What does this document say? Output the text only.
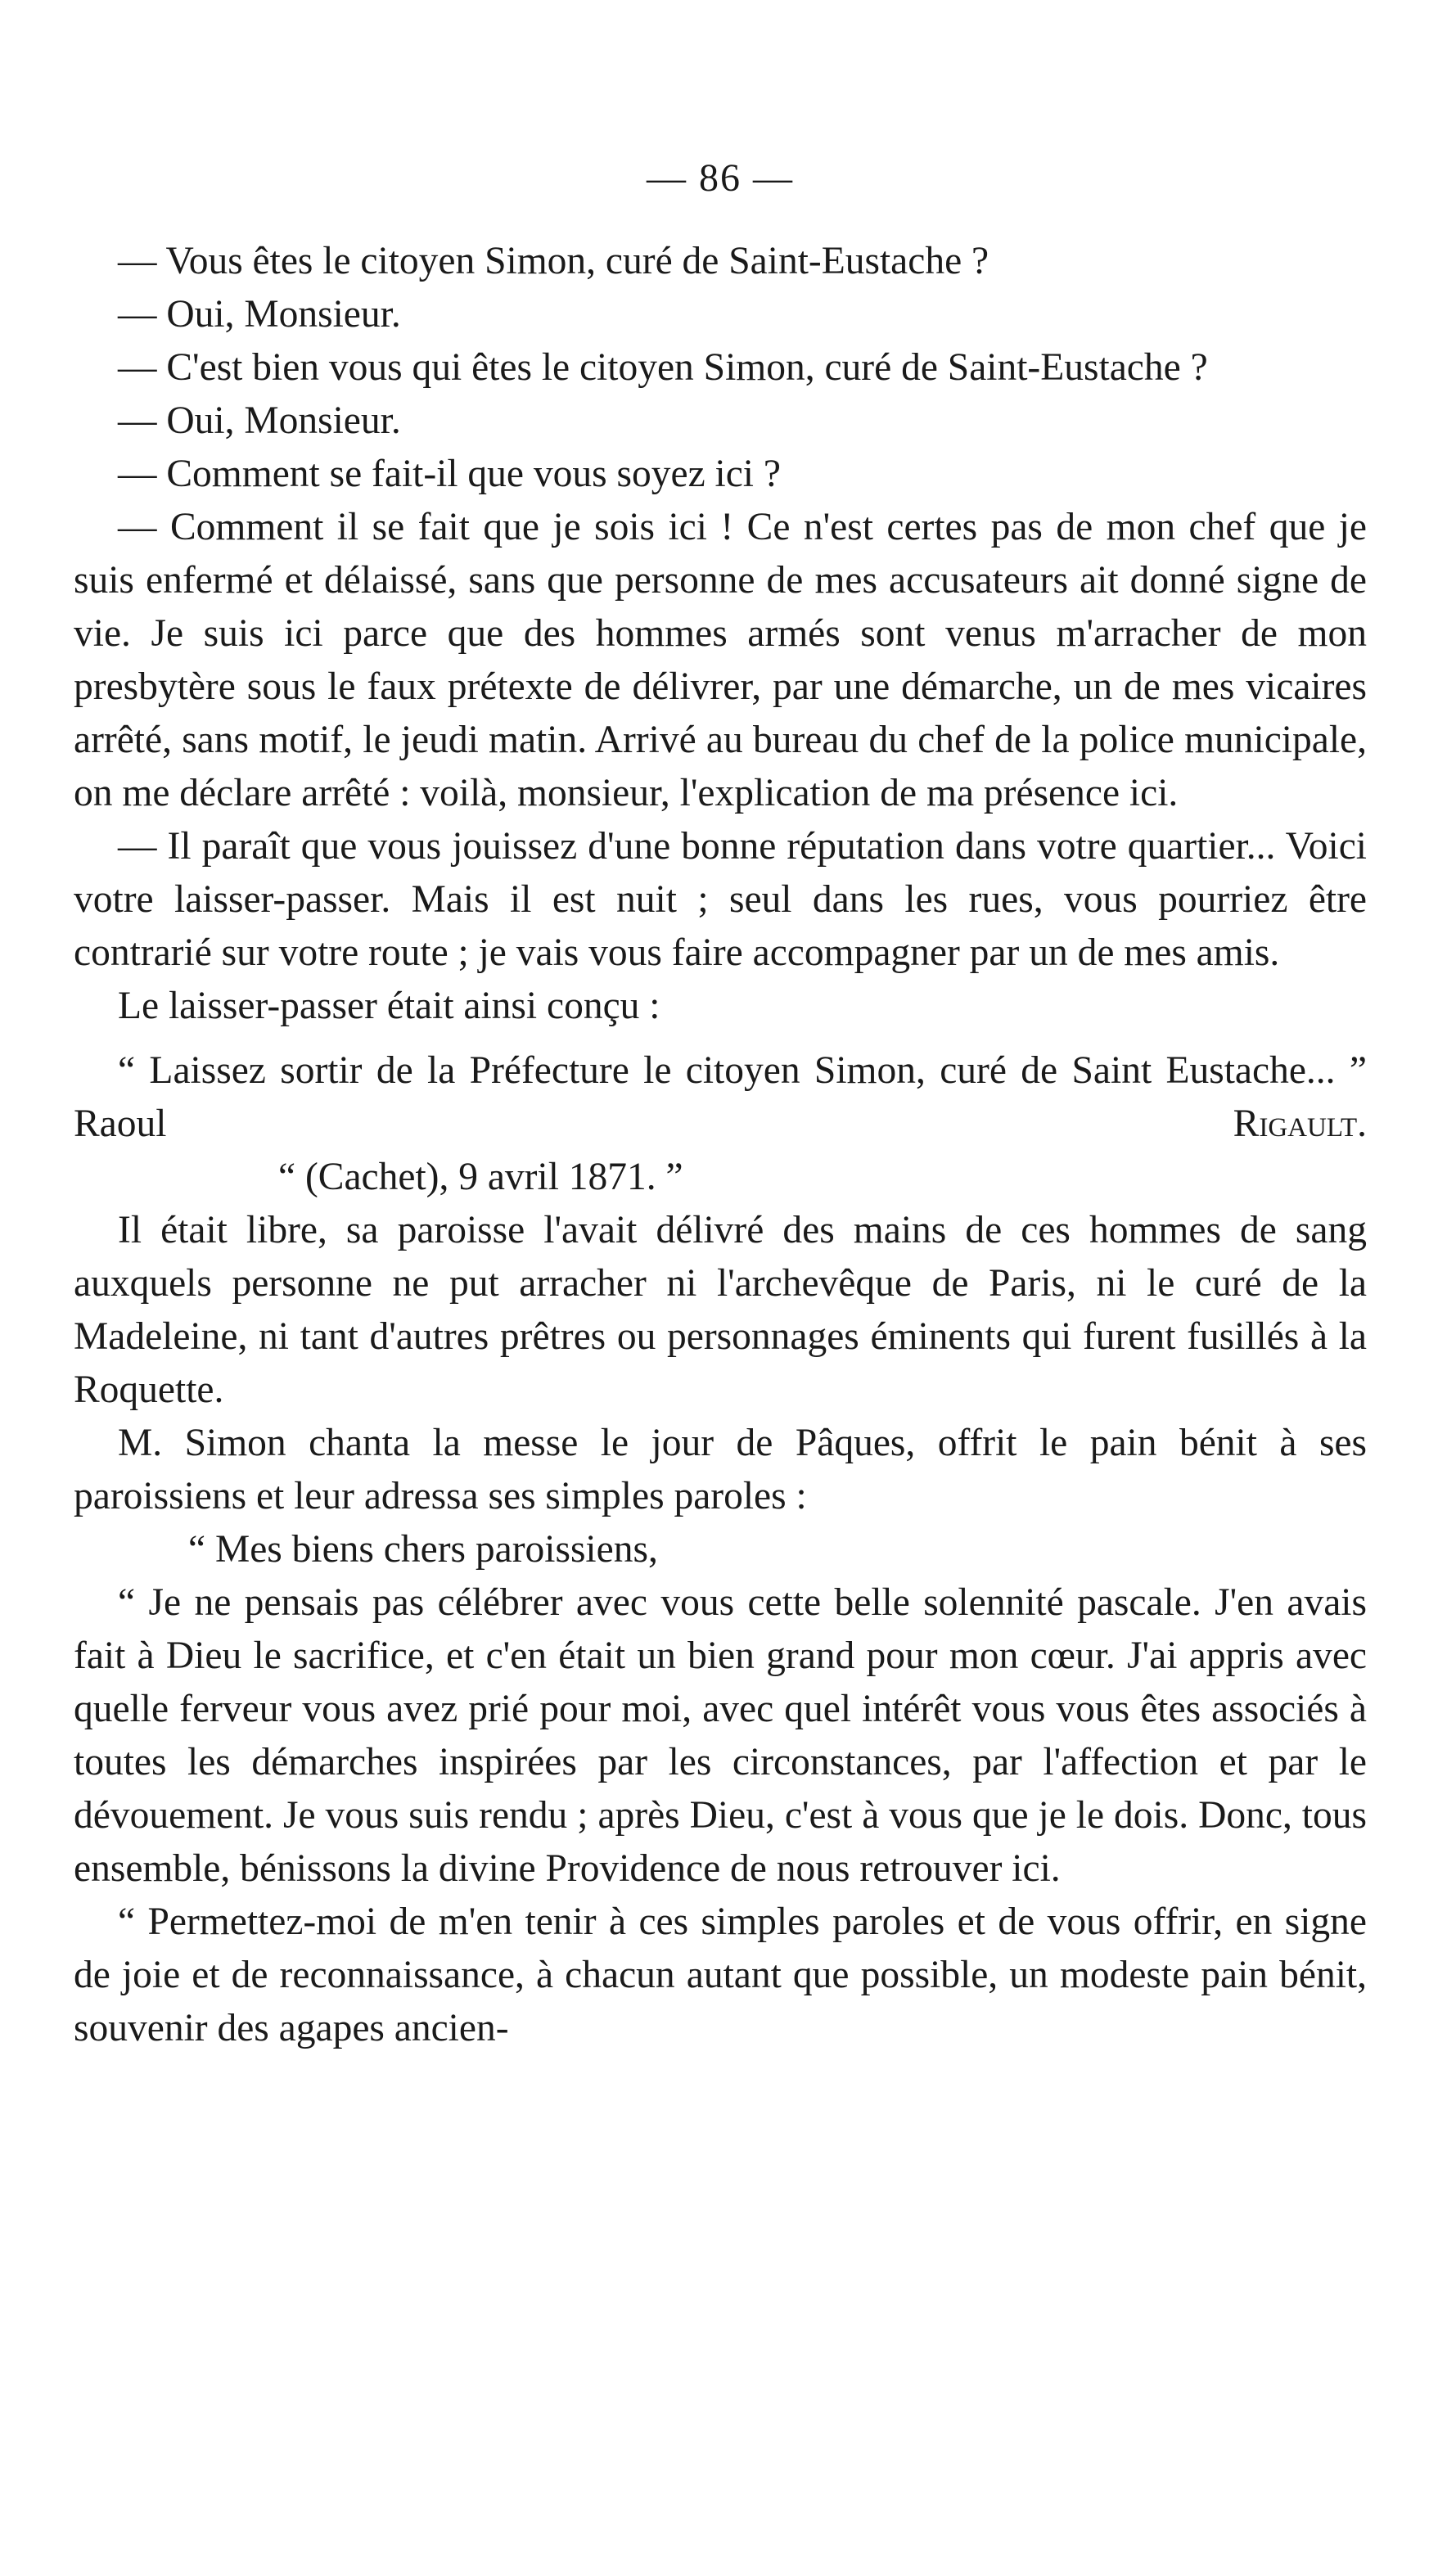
— 86 —

— Vous êtes le citoyen Simon, curé de Saint-Eustache ?

— Oui, Monsieur.

— C'est bien vous qui êtes le citoyen Simon, curé de Saint-Eustache ?

— Oui, Monsieur.

— Comment se fait-il que vous soyez ici ?

— Comment il se fait que je sois ici ! Ce n'est certes pas de mon chef que je suis enfermé et délaissé, sans que personne de mes accusateurs ait donné signe de vie. Je suis ici parce que des hommes armés sont venus m'arracher de mon presbytère sous le faux prétexte de délivrer, par une démarche, un de mes vicaires arrêté, sans motif, le jeudi matin. Arrivé au bureau du chef de la police municipale, on me déclare arrêté : voilà, monsieur, l'explication de ma présence ici.

— Il paraît que vous jouissez d'une bonne réputation dans votre quartier... Voici votre laisser-passer. Mais il est nuit ; seul dans les rues, vous pourriez être contrarié sur votre route ; je vais vous faire accompagner par un de mes amis.

Le laisser-passer était ainsi conçu :

“ Laissez sortir de la Préfecture le citoyen Simon, curé de Saint Eustache... ” Raoul	Rigault.

“ (Cachet), 9 avril 1871. ”

Il était libre, sa paroisse l'avait délivré des mains de ces hommes de sang auxquels personne ne put arracher ni l'archevêque de Paris, ni le curé de la Madeleine, ni tant d'autres prêtres ou personnages éminents qui furent fusillés à la Roquette.

M. Simon chanta la messe le jour de Pâques, offrit le pain bénit à ses paroissiens et leur adressa ses simples paroles :

“ Mes biens chers paroissiens,

“ Je ne pensais pas célébrer avec vous cette belle solennité pascale. J'en avais fait à Dieu le sacrifice, et c'en était un bien grand pour mon cœur. J'ai appris avec quelle ferveur vous avez prié pour moi, avec quel intérêt vous vous êtes associés à toutes les démarches inspirées par les circonstances, par l'affection et par le dévouement. Je vous suis rendu ; après Dieu, c'est à vous que je le dois. Donc, tous ensemble, bénissons la divine Providence de nous retrouver ici.

“ Permettez-moi de m'en tenir à ces simples paroles et de vous offrir, en signe de joie et de reconnaissance, à chacun autant que possible, un modeste pain bénit, souvenir des agapes ancien-
